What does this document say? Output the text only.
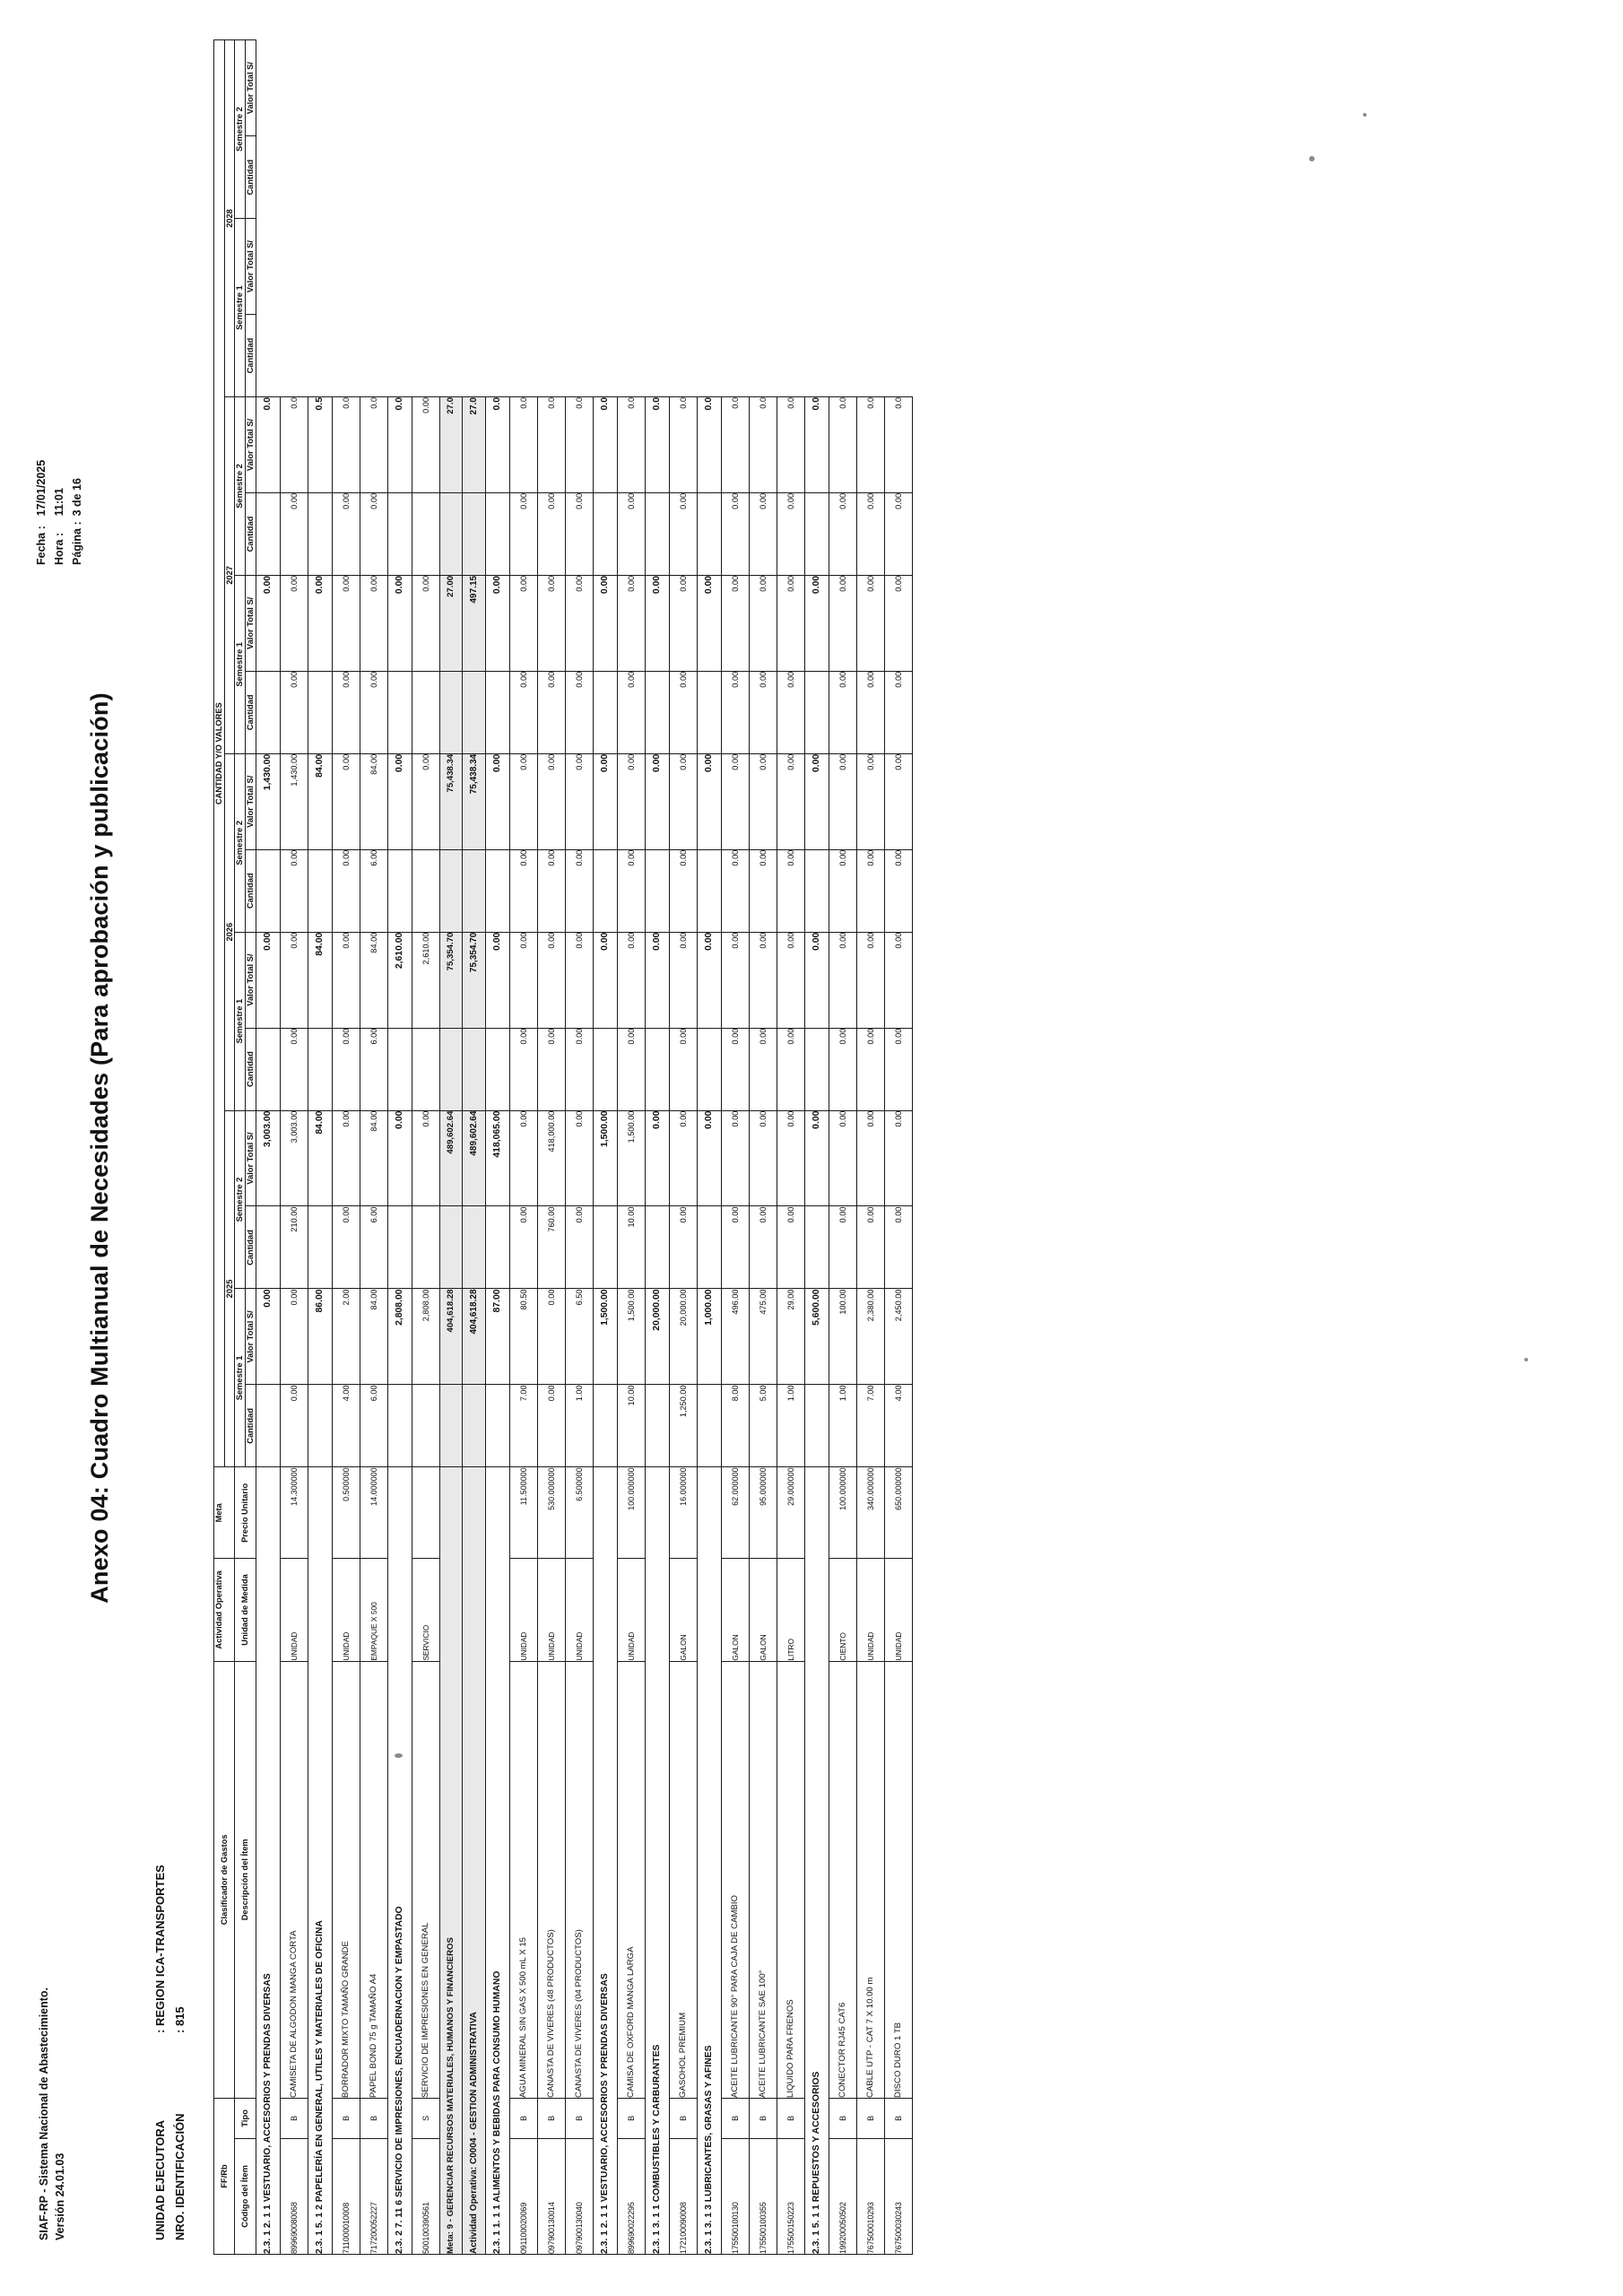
SIAF-RP - Sistema Nacional de Abastecimiento. Versión 24.01.03
Fecha :	17/01/2025
Hora :	11:01
Página :	3 de 16
Anexo 04: Cuadro Multianual de Necesidades (Para aprobación y publicación)
UNIDAD EJECUTORA: REGION ICA-TRANSPORTES
NRO. IDENTIFICACIÓN: 815
FF/Rb		Clasificador de Gastos	Actividad Operativa	Meta	CANTIDAD Y/O VALORES															
					2025				2026				2027				2028			
Código del Ítem	Tipo	Descripción del Ítem	Unidad de Medida	Precio Unitario	Semestre 1		Semestre 2		Semestre 1		Semestre 2		Semestre 1		Semestre 2		Semestre 1		Semestre 2	
					Cantidad	Valor Total S/	Cantidad	Valor Total S/	Cantidad	Valor Total S/	Cantidad	Valor Total S/	Cantidad	Valor Total S/	Cantidad	Valor Total S/	Cantidad	Valor Total S/	Cantidad	Valor Total S/
2.3. 1 2. 1 1 VESTUARIO, ACCESORIOS Y PRENDAS DIVERSAS						0.00		3,003.00		0.00		1,430.00		0.00		0.0				
899690080068	B	CAMISETA DE ALGODON MANGA CORTA	UNIDAD	14.300000	0.00	0.00	210.00	3,003.00	0.00	0.00	0.00	1,430.00	0.00	0.00	0.00	0.0				
2.3. 1 5. 1 2 PAPELERÍA EN GENERAL, UTILES Y MATERIALES DE OFICINA						86.00		84.00		84.00		84.00		0.00		0.5				
711000010008	B	BORRADOR MIXTO TAMAÑO GRANDE	UNIDAD	0.500000	4.00	2.00	0.00	0.00	0.00	0.00	0.00	0.00	0.00	0.00	0.00	0.0				
717200052227	B	PAPEL BOND 75 g TAMAÑO A4	EMPAQUE X 500	14.000000	6.00	84.00	6.00	84.00	6.00	84.00	6.00	84.00	0.00	0.00	0.00	0.0				
2.3. 2 7. 11 6 SERVICIO DE IMPRESIONES, ENCUADERNACION Y EMPASTADO						2,808.00		0.00		2,610.00		0.00		0.00		0.0				
500100390561	S	SERVICIO DE IMPRESIONES EN GENERAL	SERVICIO			2,808.00		0.00		2,610.00		0.00		0.00		0.00				
Meta: 9 - GERENCIAR RECURSOS MATERIALES, HUMANOS Y FINANCIEROS						404,618.28		489,602.64		75,354.70		75,438.34		27.00		27.0				
Actividad Operativa: C0004 - GESTION ADMINISTRATIVA						404,618.28		489,602.64		75,354.70		75,438.34		497.15		27.0				
2.3. 1 1. 1 1 ALIMENTOS Y BEBIDAS PARA CONSUMO HUMANO						87.00		418,065.00		0.00		0.00		0.00		0.0				
091100020069	B	AGUA MINERAL SIN GAS X 500 mL X 15	UNIDAD	11.500000	7.00	80.50	0.00	0.00	0.00	0.00	0.00	0.00	0.00	0.00	0.00	0.0				
097900130014	B	CANASTA DE VIVERES (48 PRODUCTOS)	UNIDAD	530.000000	0.00	0.00	760.00	418,000.00	0.00	0.00	0.00	0.00	0.00	0.00	0.00	0.0				
097900130040	B	CANASTA DE VIVERES (04 PRODUCTOS)	UNIDAD	6.500000	1.00	6.50	0.00	0.00	0.00	0.00	0.00	0.00	0.00	0.00	0.00	0.0				
2.3. 1 2. 1 1 VESTUARIO, ACCESORIOS Y PRENDAS DIVERSAS						1,500.00		1,500.00		0.00		0.00		0.00		0.0				
899690022295	B	CAMISA DE OXFORD MANGA LARGA	UNIDAD	100.000000	10.00	1,500.00	10.00	1,500.00	0.00	0.00	0.00	0.00	0.00	0.00	0.00	0.0				
2.3. 1 3. 1 1 COMBUSTIBLES Y CARBURANTES						20,000.00		0.00		0.00		0.00		0.00		0.0				
172100090008	B	GASOHOL PREMIUM	GALON	16.000000	1,250.00	20,000.00	0.00	0.00	0.00	0.00	0.00	0.00	0.00	0.00	0.00	0.0				
2.3. 1 3. 1 3 LUBRICANTES, GRASAS Y AFINES						1,000.00		0.00		0.00		0.00		0.00		0.0				
175500100130	B	ACEITE LUBRICANTE 90° PARA CAJA DE CAMBIO	GALON	62.000000	8.00	496.00	0.00	0.00	0.00	0.00	0.00	0.00	0.00	0.00	0.00	0.0				
175500100355	B	ACEITE LUBRICANTE SAE 100°	GALON	95.000000	5.00	475.00	0.00	0.00	0.00	0.00	0.00	0.00	0.00	0.00	0.00	0.0				
175500150223	B	LIQUIDO PARA FRENOS	LITRO	29.000000	1.00	29.00	0.00	0.00	0.00	0.00	0.00	0.00	0.00	0.00	0.00	0.0				
2.3. 1 5. 1 1 REPUESTOS Y ACCESORIOS						5,600.00		0.00		0.00		0.00		0.00		0.0				
199200050502	B	CONECTOR RJ45 CAT6	CIENTO	100.000000	1.00	100.00	0.00	0.00	0.00	0.00	0.00	0.00	0.00	0.00	0.00	0.0				
767500010293	B	CABLE UTP - CAT 7 X 10.00 m	UNIDAD	340.000000	7.00	2,380.00	0.00	0.00	0.00	0.00	0.00	0.00	0.00	0.00	0.00	0.0				
767500030243	B	DISCO DURO 1 TB	UNIDAD	650.000000	4.00	2,450.00	0.00	0.00	0.00	0.00	0.00	0.00	0.00	0.00	0.00	0.0				
